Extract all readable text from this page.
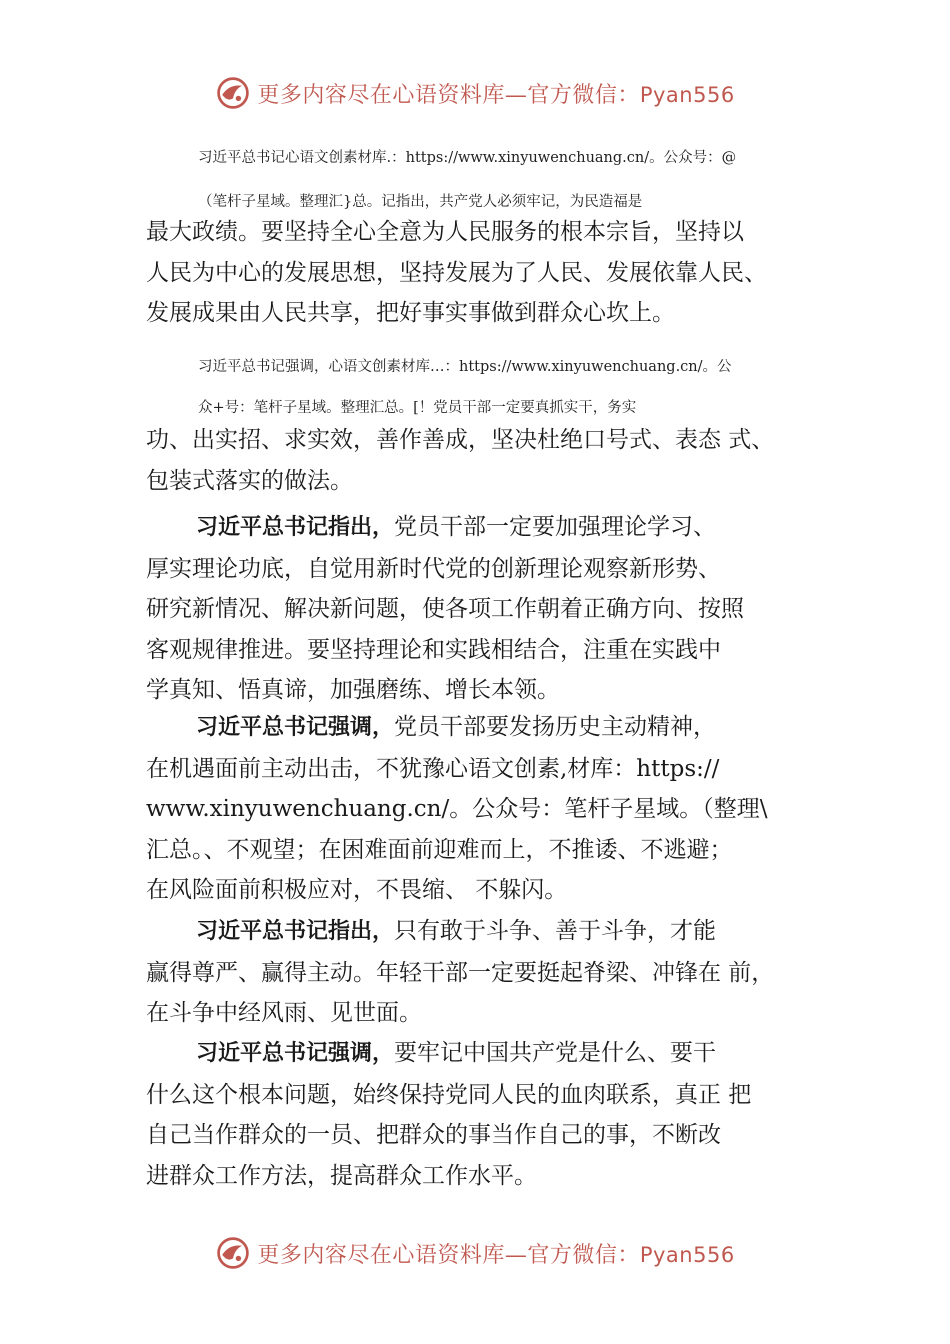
更多内容尽在心语资料库—官方微信：Pyan556
习近平总书记心语文创素材库.：https://www.xinyuwenchuang.cn/。公众号：@
（笔杆子星域。整理汇}总。记指出，共产党人必须牢记，为民造福是
最大政绩。要坚持全心全意为人民服务的根本宗旨，坚持以
人民为中心的发展思想，坚持发展为了人民、发展依靠人民、
发展成果由人民共享，把好事实事做到群众心坎上。
习近平总书记强调，心语文创素材库…：https://www.xinyuwenchuang.cn/。公
众+号：笔杆子星域。整理汇总。[！党员干部一定要真抓实干，务实
功、出实招、求实效，善作善成，坚决杜绝口号式、表态 式、
包装式落实的做法。
习近平总书记指出，党员干部一定要加强理论学习、
厚实理论功底，自觉用新时代党的创新理论观察新形势、
研究新情况、解决新问题，使各项工作朝着正确方向、按照
客观规律推进。要坚持理论和实践相结合，注重在实践中
学真知、悟真谛，加强磨练、增长本领。
习近平总书记强调，党员干部要发扬历史主动精神，
在机遇面前主动出击，不犹豫心语文创素,材库：https://
www.xinyuwenchuang.cn/。公众号：笔杆子星域。（整理\
汇总。、不观望；在困难面前迎难而上，不推诿、不逃避；
在风险面前积极应对，不畏缩、 不躲闪。
习近平总书记指出，只有敢于斗争、善于斗争，才能
赢得尊严、赢得主动。年轻干部一定要挺起脊梁、冲锋在 前，
在斗争中经风雨、见世面。
习近平总书记强调，要牢记中国共产党是什么、要干
什么这个根本问题，始终保持党同人民的血肉联系，真正 把
自己当作群众的一员、把群众的事当作自己的事，不断改
进群众工作方法，提高群众工作水平。
更多内容尽在心语资料库—官方微信：Pyan556
